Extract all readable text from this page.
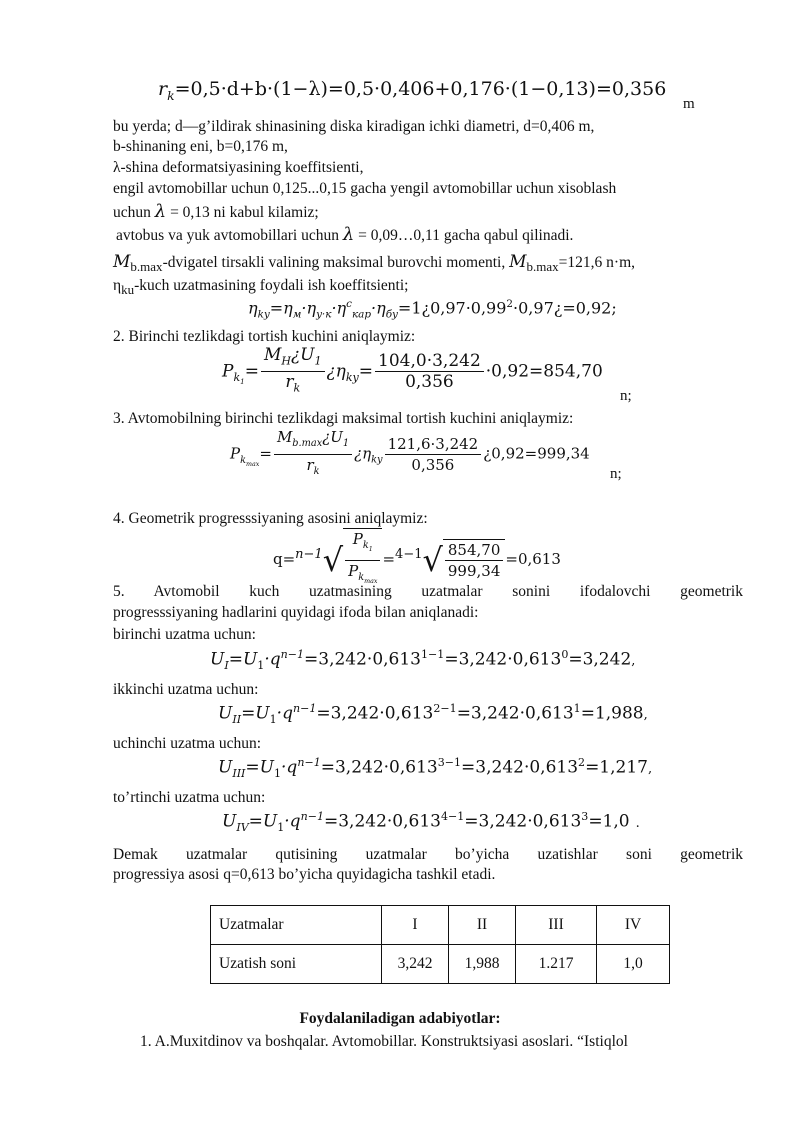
$r_k=0,5\cdot d+b\cdot(1-\lambda)=0,5\cdot 0,406+0,176\cdot(1-0,13)=0,356$
m
bu yerda; d—g’ildirak shinasining diska kiradigan ichki diametri, d=0,406 m,
b-shinaning eni, b=0,176 m,
λ-shina deformatsiyasining koeffitsienti,
engil avtomobillar uchun 0,125...0,15 gacha yengil avtomobillar uchun xisoblash
uchun λ = 0,13 ni kabul kilamiz;
avtobus va yuk avtomobillari uchun λ = 0,09…0,11 gacha qabul qilinadi.
$M_{b.max}$-dvigatel tirsakli valining maksimal burovchi momenti, $M_{b.max}=121,6$ n·m,
$\eta_{ku}$-kuch uzatmasining foydali ish koeffitsienti;
$\eta_{ky}=\eta_м\cdot\eta_{y\cdot к}\cdot\eta^c_{кар}\cdot\eta_{бy}=1¿0,97\cdot 0,99^2\cdot 0,97¿=0,92$;
2. Birinchi tezlikdagi tortish kuchini aniqlaymiz:
$P_{k_1}= \frac{M_H¿U_1}{r_k}$ ¿$\eta_{ky}= \frac{104,0\cdot 3,242}{0,356} \cdot 0,92=854,70$
n;
3. Avtomobilning birinchi tezlikdagi maksimal tortish kuchini aniqlaymiz:
$P_{k_{max}}= \frac{M_{b.max}¿U_1}{r_k}$ ¿$\eta_{ky} \frac{121,6\cdot 3,242}{0,356}$ ¿0,92=999,34
n;
4. Geometrik progresssiyaning asosini aniqlaymiz:
$q=^{n-1}√ \frac{P_{k_1}}{P_{k_{max}}} =^{4-1}√ \frac{854,70}{999,34} =0,613$
5. Avtomobil kuch uzatmasining uzatmalar sonini ifodalovchi geometrik
progresssiyaning hadlarini quyidagi ifoda bilan aniqlanadi:
birinchi uzatma uchun:
$U_I=U_1\cdot q^{n-1}=3,242\cdot 0,613^{1-1}=3,242\cdot 0,613^0=3,242$,
ikkinchi uzatma uchun:
$U_{II}=U_1\cdot q^{n-1}=3,242\cdot 0,613^{2-1}=3,242\cdot 0,613^1=1,988$,
uchinchi uzatma uchun:
$U_{III}=U_1\cdot q^{n-1}=3,242\cdot 0,613^{3-1}=3,242\cdot 0,613^2=1,217$,
to’rtinchi uzatma uchun:
$U_{IV}=U_1\cdot q^{n-1}=3,242\cdot 0,613^{4-1}=3,242\cdot 0,613^3=1,0$ .
Demak uzatmalar qutisining uzatmalar bo’yicha uzatishlar soni geometrik
progressiya asosi q=0,613 bo’yicha quyidagicha tashkil etadi.
Uzatmalar	I	II	III	IV
Uzatish soni	3,242	1,988	1.217	1,0
Foydalaniladigan adabiyotlar:
1. A.Muxitdinov va boshqalar. Avtomobillar. Konstruktsiyasi asoslari. “Istiqlol
